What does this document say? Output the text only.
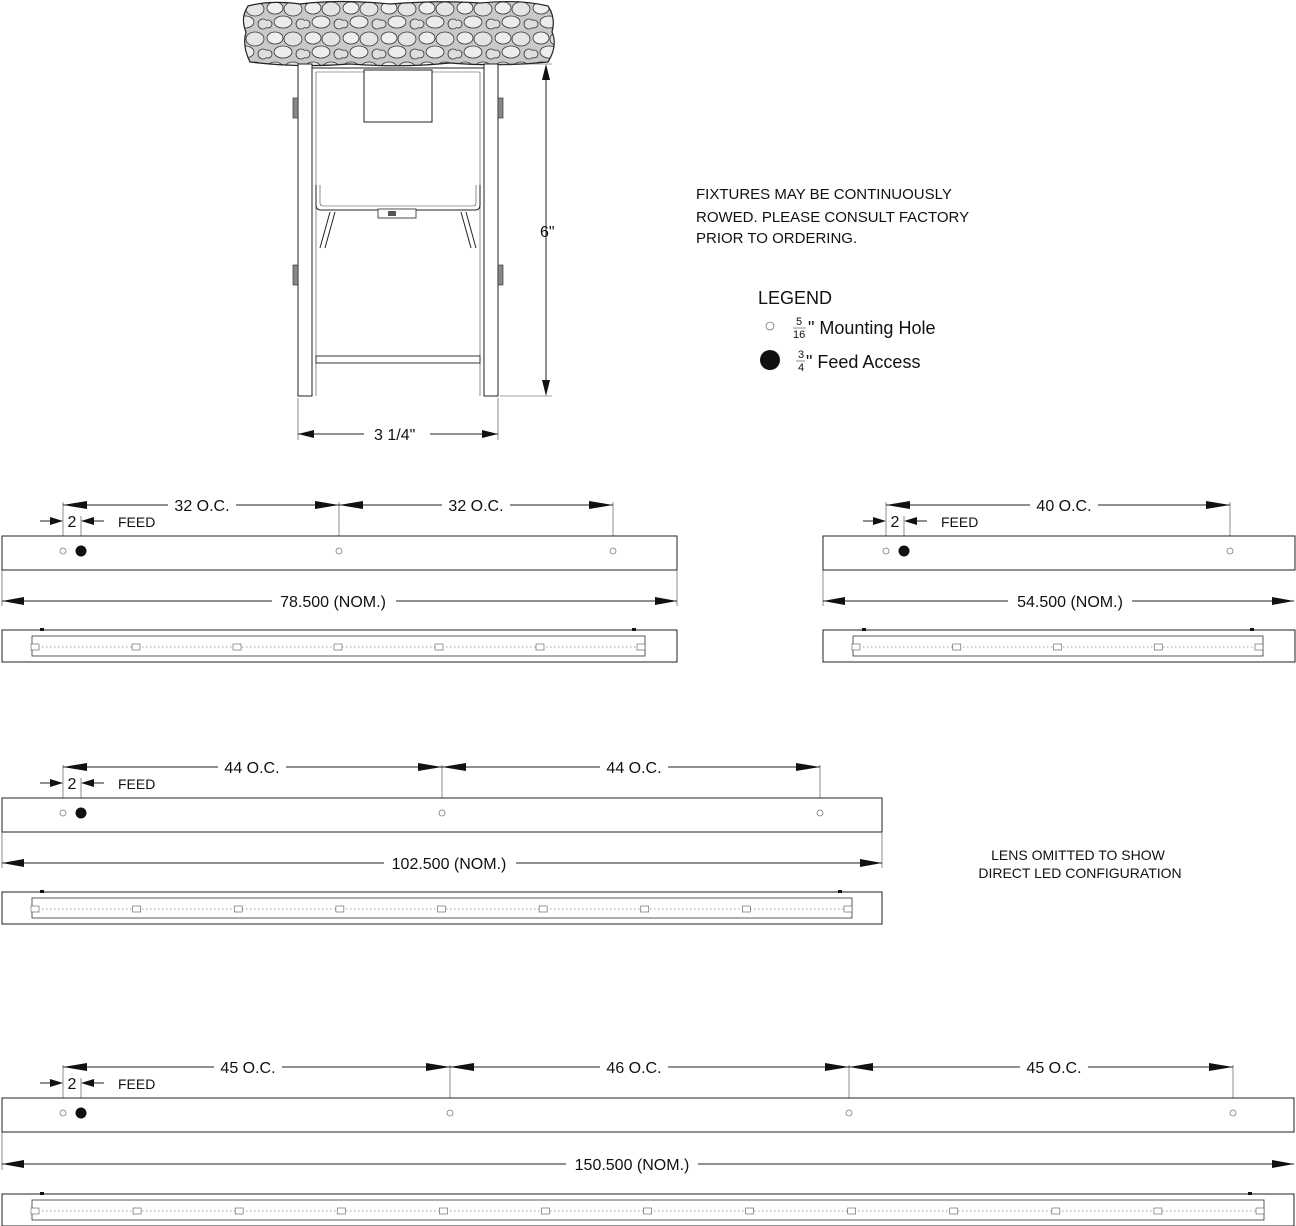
6"
3 1/4"
FIXTURES MAY BE CONTINUOUSLY
ROWED. PLEASE CONSULT FACTORY
PRIOR TO ORDERING.
LEGEND
5
16 " Mounting Hole
3
4 " Feed Access
LENS OMITTED TO SHOW
DIRECT LED CONFIGURATION
32 O.C.	32 O.C.
2	FEED
78.500 (NOM.)
40 O.C.
2	FEED
54.500 (NOM.)
44 O.C.	44 O.C.
2	FEED
102.500 (NOM.)
45 O.C.	46 O.C.	45 O.C.
2	FEED
150.500 (NOM.)
